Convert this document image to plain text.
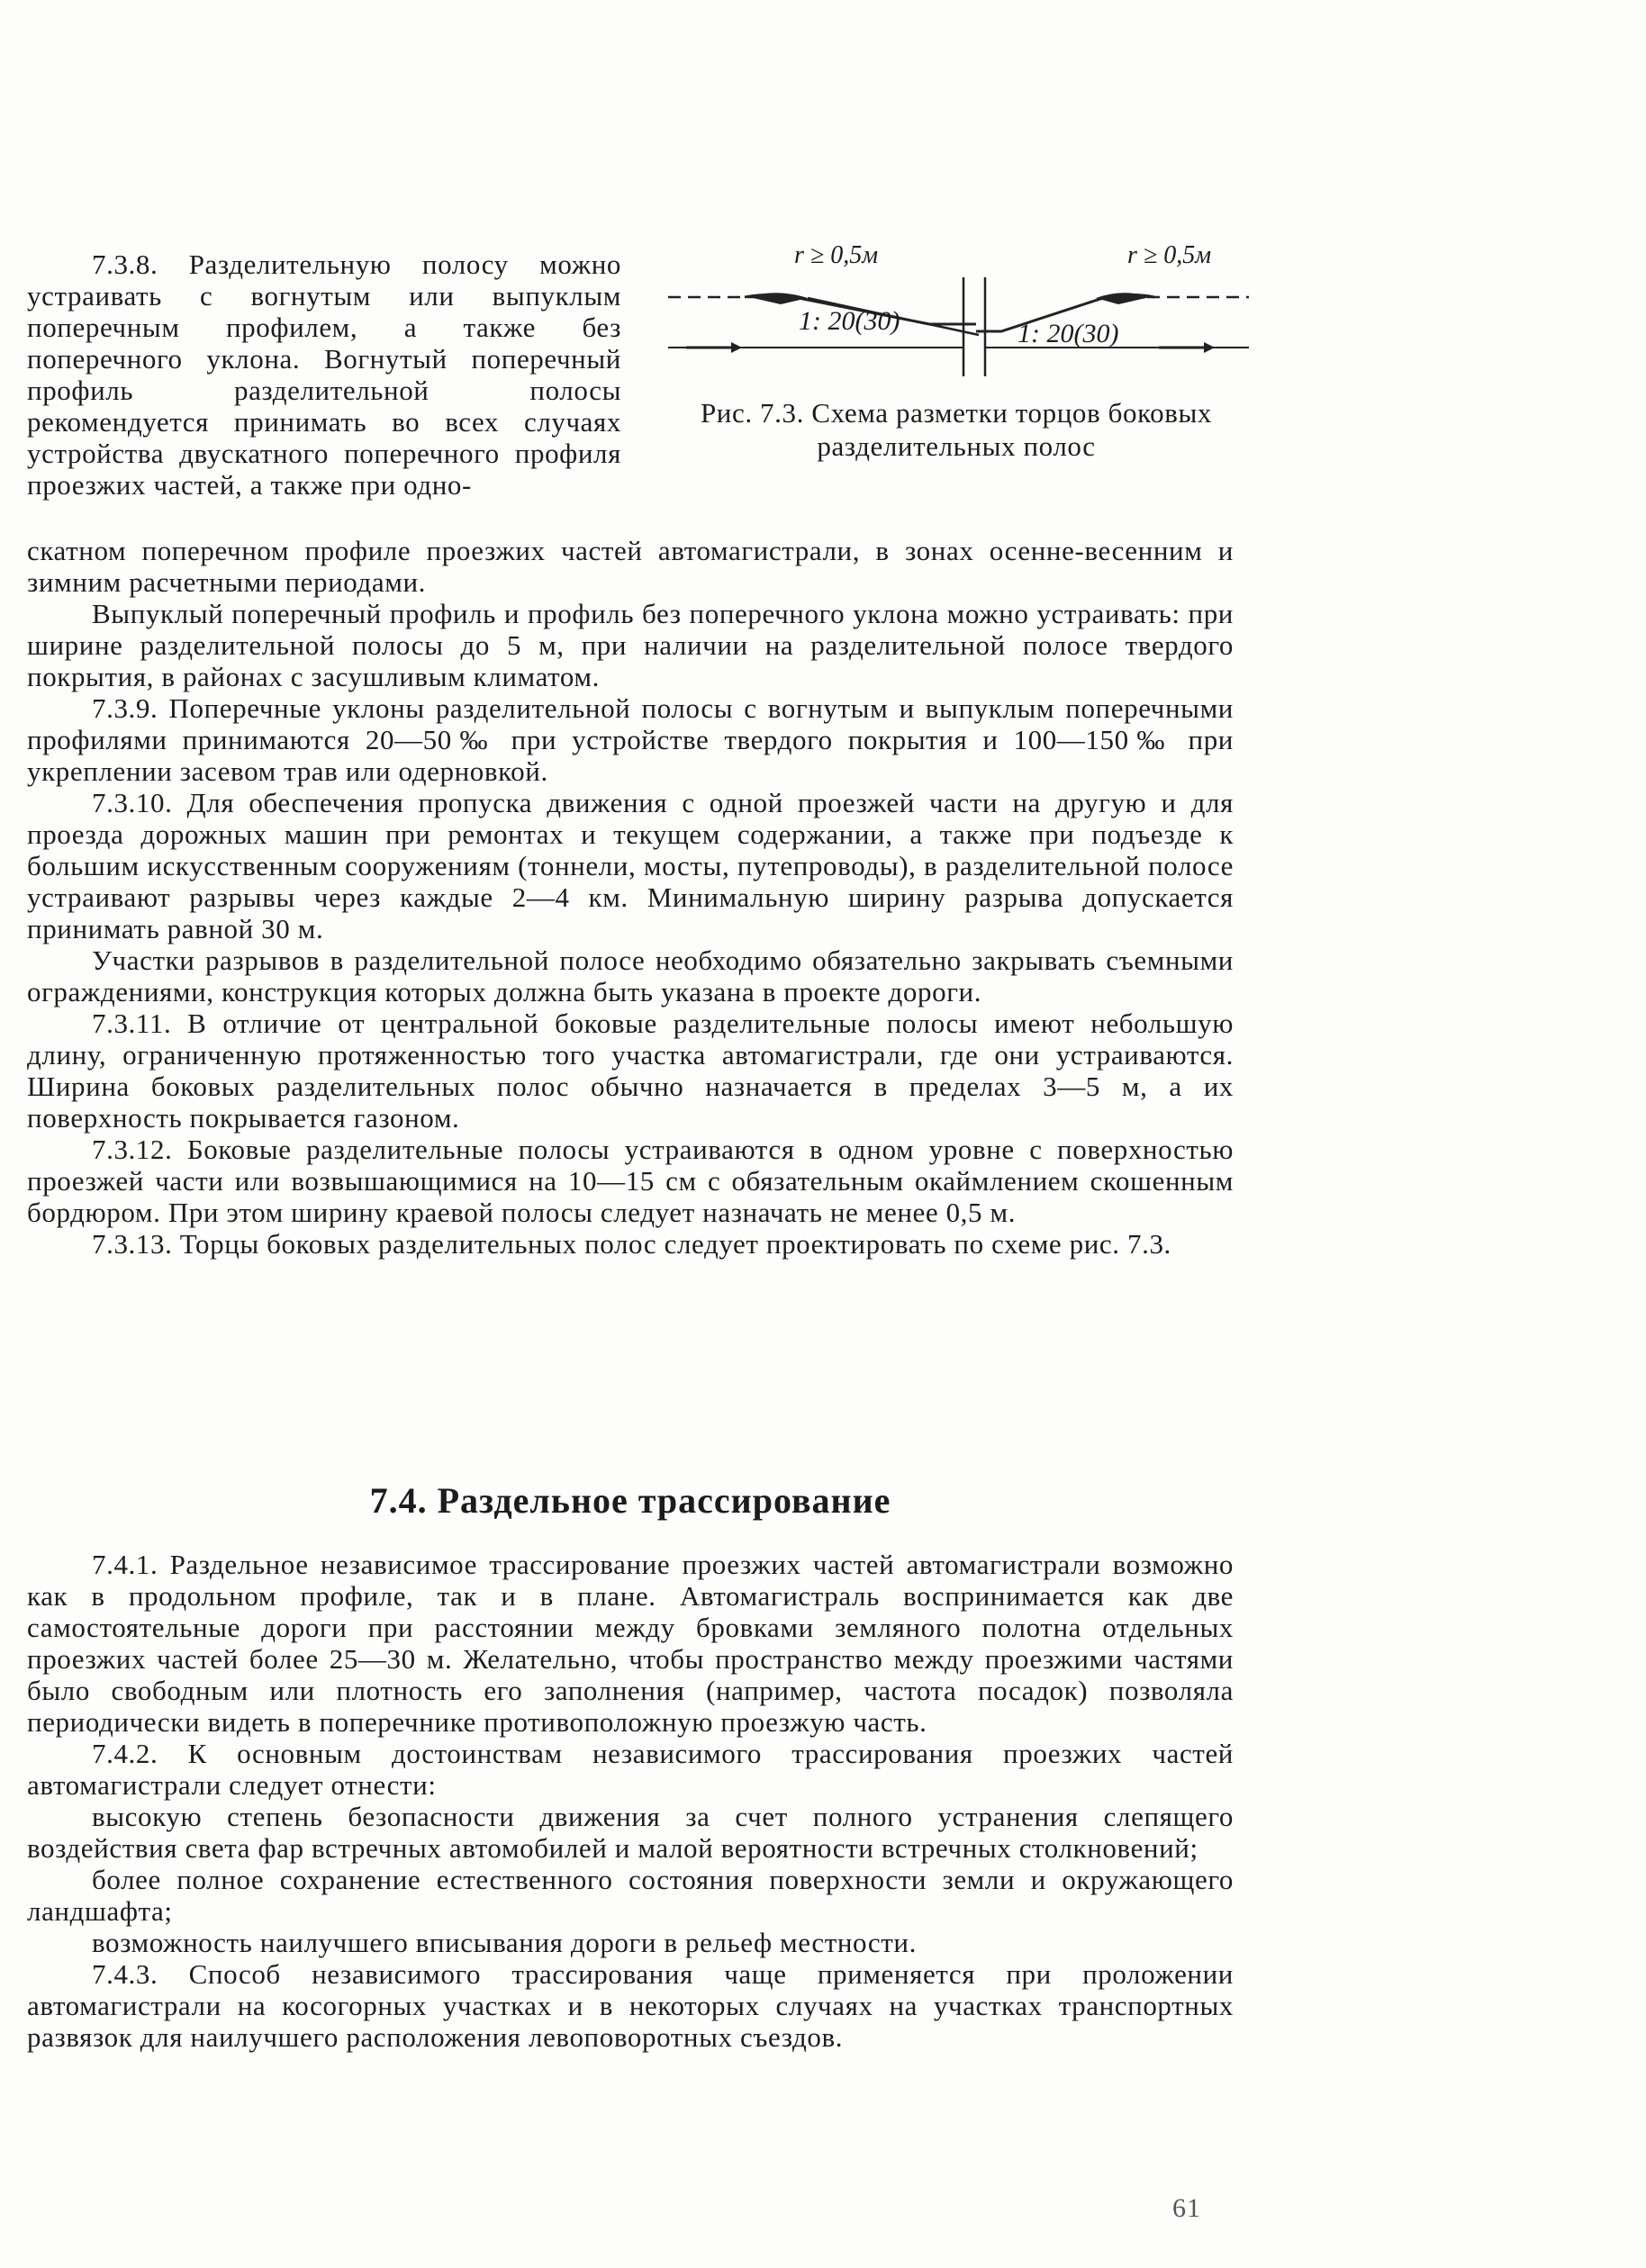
r ≥ 0,5м	r ≥ 0,5м
1: 20(30)	1: 20(30)

Рис. 7.3. Схема разметки торцов боковых разделительных полос

7.3.8. Разделительную полосу можно устраивать с вогнутым или выпуклым поперечным профилем, а также без поперечного уклона. Вогнутый поперечный профиль разделительной полосы рекомендуется принимать во всех случаях устройства двускатного поперечного профиля проезжих частей, а также при одно-

скатном поперечном профиле проезжих частей автомагистрали, в зонах осенне-весенним и зимним расчетными периодами.

Выпуклый поперечный профиль и профиль без поперечного уклона можно устраивать: при ширине разделительной полосы до 5 м, при наличии на разделительной полосе твердого покрытия, в районах с засушливым климатом.

7.3.9. Поперечные уклоны разделительной полосы с вогнутым и выпуклым поперечными профилями принимаются 20—50‰ при устройстве твердого покрытия и 100—150‰ при укреплении засевом трав или одерновкой.

7.3.10. Для обеспечения пропуска движения с одной проезжей части на другую и для проезда дорожных машин при ремонтах и текущем содержании, а также при подъезде к большим искусственным сооружениям (тоннели, мосты, путепроводы), в разделительной полосе устраивают разрывы через каждые 2—4 км. Минимальную ширину разрыва допускается принимать равной 30 м.

Участки разрывов в разделительной полосе необходимо обязательно закрывать съемными ограждениями, конструкция которых должна быть указана в проекте дороги.

7.3.11. В отличие от центральной боковые разделительные полосы имеют небольшую длину, ограниченную протяженностью того участка автомагистрали, где они устраиваются. Ширина боковых разделительных полос обычно назначается в пределах 3—5 м, а их поверхность покрывается газоном.

7.3.12. Боковые разделительные полосы устраиваются в одном уровне с поверхностью проезжей части или возвышающимися на 10—15 см с обязательным окаймлением скошенным бордюром. При этом ширину краевой полосы следует назначать не менее 0,5 м.

7.3.13. Торцы боковых разделительных полос следует проектировать по схеме рис. 7.3.

7.4. Раздельное трассирование

7.4.1. Раздельное независимое трассирование проезжих частей автомагистрали возможно как в продольном профиле, так и в плане. Автомагистраль воспринимается как две самостоятельные дороги при расстоянии между бровками земляного полотна отдельных проезжих частей более 25—30 м. Желательно, чтобы пространство между проезжими частями было свободным или плотность его заполнения (например, частота посадок) позволяла периодически видеть в поперечнике противоположную проезжую часть.

7.4.2. К основным достоинствам независимого трассирования проезжих частей автомагистрали следует отнести:

высокую степень безопасности движения за счет полного устранения слепящего воздействия света фар встречных автомобилей и малой вероятности встречных столкновений;

более полное сохранение естественного состояния поверхности земли и окружающего ландшафта;

возможность наилучшего вписывания дороги в рельеф местности.

7.4.3. Способ независимого трассирования чаще применяется при проложении автомагистрали на косогорных участках и в некоторых случаях на участках транспортных развязок для наилучшего расположения левоповоротных съездов.

61
